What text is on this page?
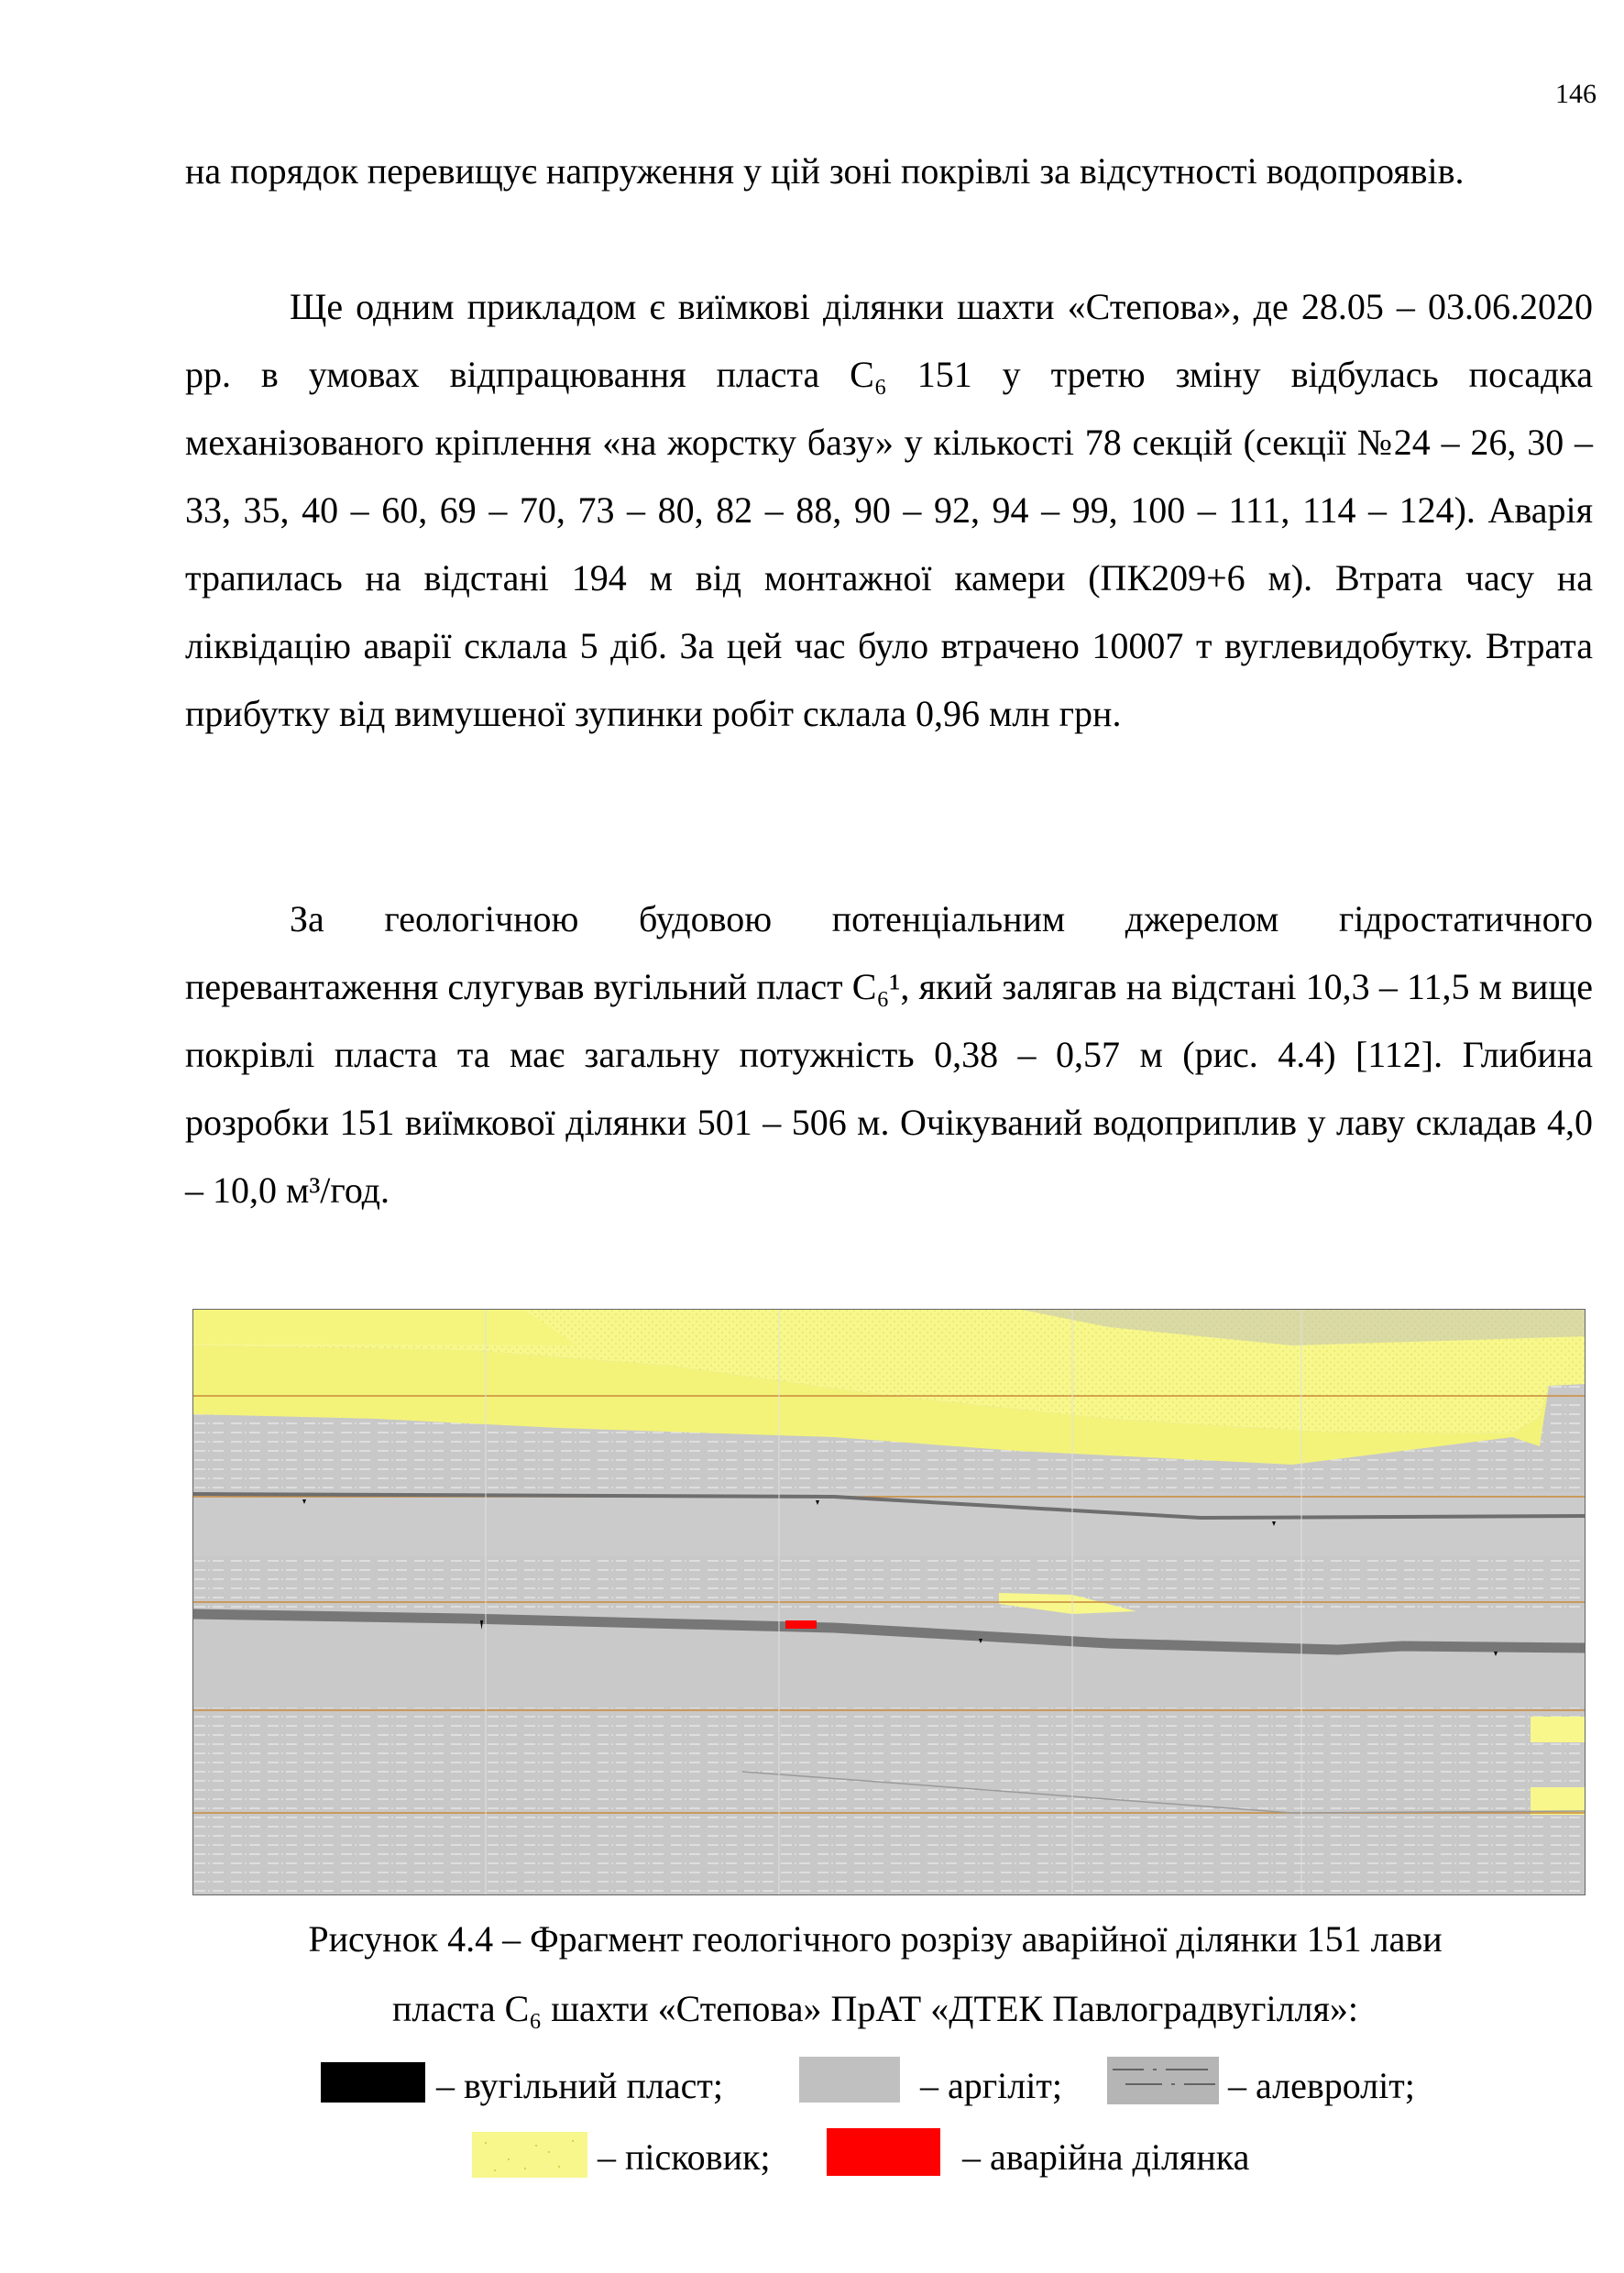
146

на порядок перевищує напруження у цій зоні покрівлі за відсутності водопроявів.

Ще одним прикладом є виїмкові ділянки шахти «Степова», де 28.05 – 03.06.2020 рр. в умовах відпрацювання пласта С₆ 151 у третю зміну відбулась посадка механізованого кріплення «на жорстку базу» у кількості 78 секцій (секції №24 – 26, 30 – 33, 35, 40 – 60, 69 – 70, 73 – 80, 82 – 88, 90 – 92, 94 – 99, 100 – 111, 114 – 124). Аварія трапилась на відстані 194 м від монтажної камери (ПК209+6 м). Втрата часу на ліквідацію аварії склала 5 діб. За цей час було втрачено 10007 т вуглевидобутку. Втрата прибутку від вимушеної зупинки робіт склала 0,96 млн грн.

За геологічною будовою потенціальним джерелом гідростатичного перевантаження слугував вугільний пласт С₆¹, який залягав на відстані 10,3 – 11,5 м вище покрівлі пласта та має загальну потужність 0,38 – 0,57 м (рис. 4.4) [112]. Глибина розробки 151 виїмкової ділянки 501 – 506 м. Очікуваний водоприплив у лаву складав 4,0 – 10,0 м³/год.

Рисунок 4.4 – Фрагмент геологічного розрізу аварійної ділянки 151 лави

пласта С₆ шахти «Степова» ПрАТ «ДТЕК Павлоградвугілля»:

– вугільний пласт;	– аргіліт;	– алевроліт;
– пісковик;	– аварійна ділянка
